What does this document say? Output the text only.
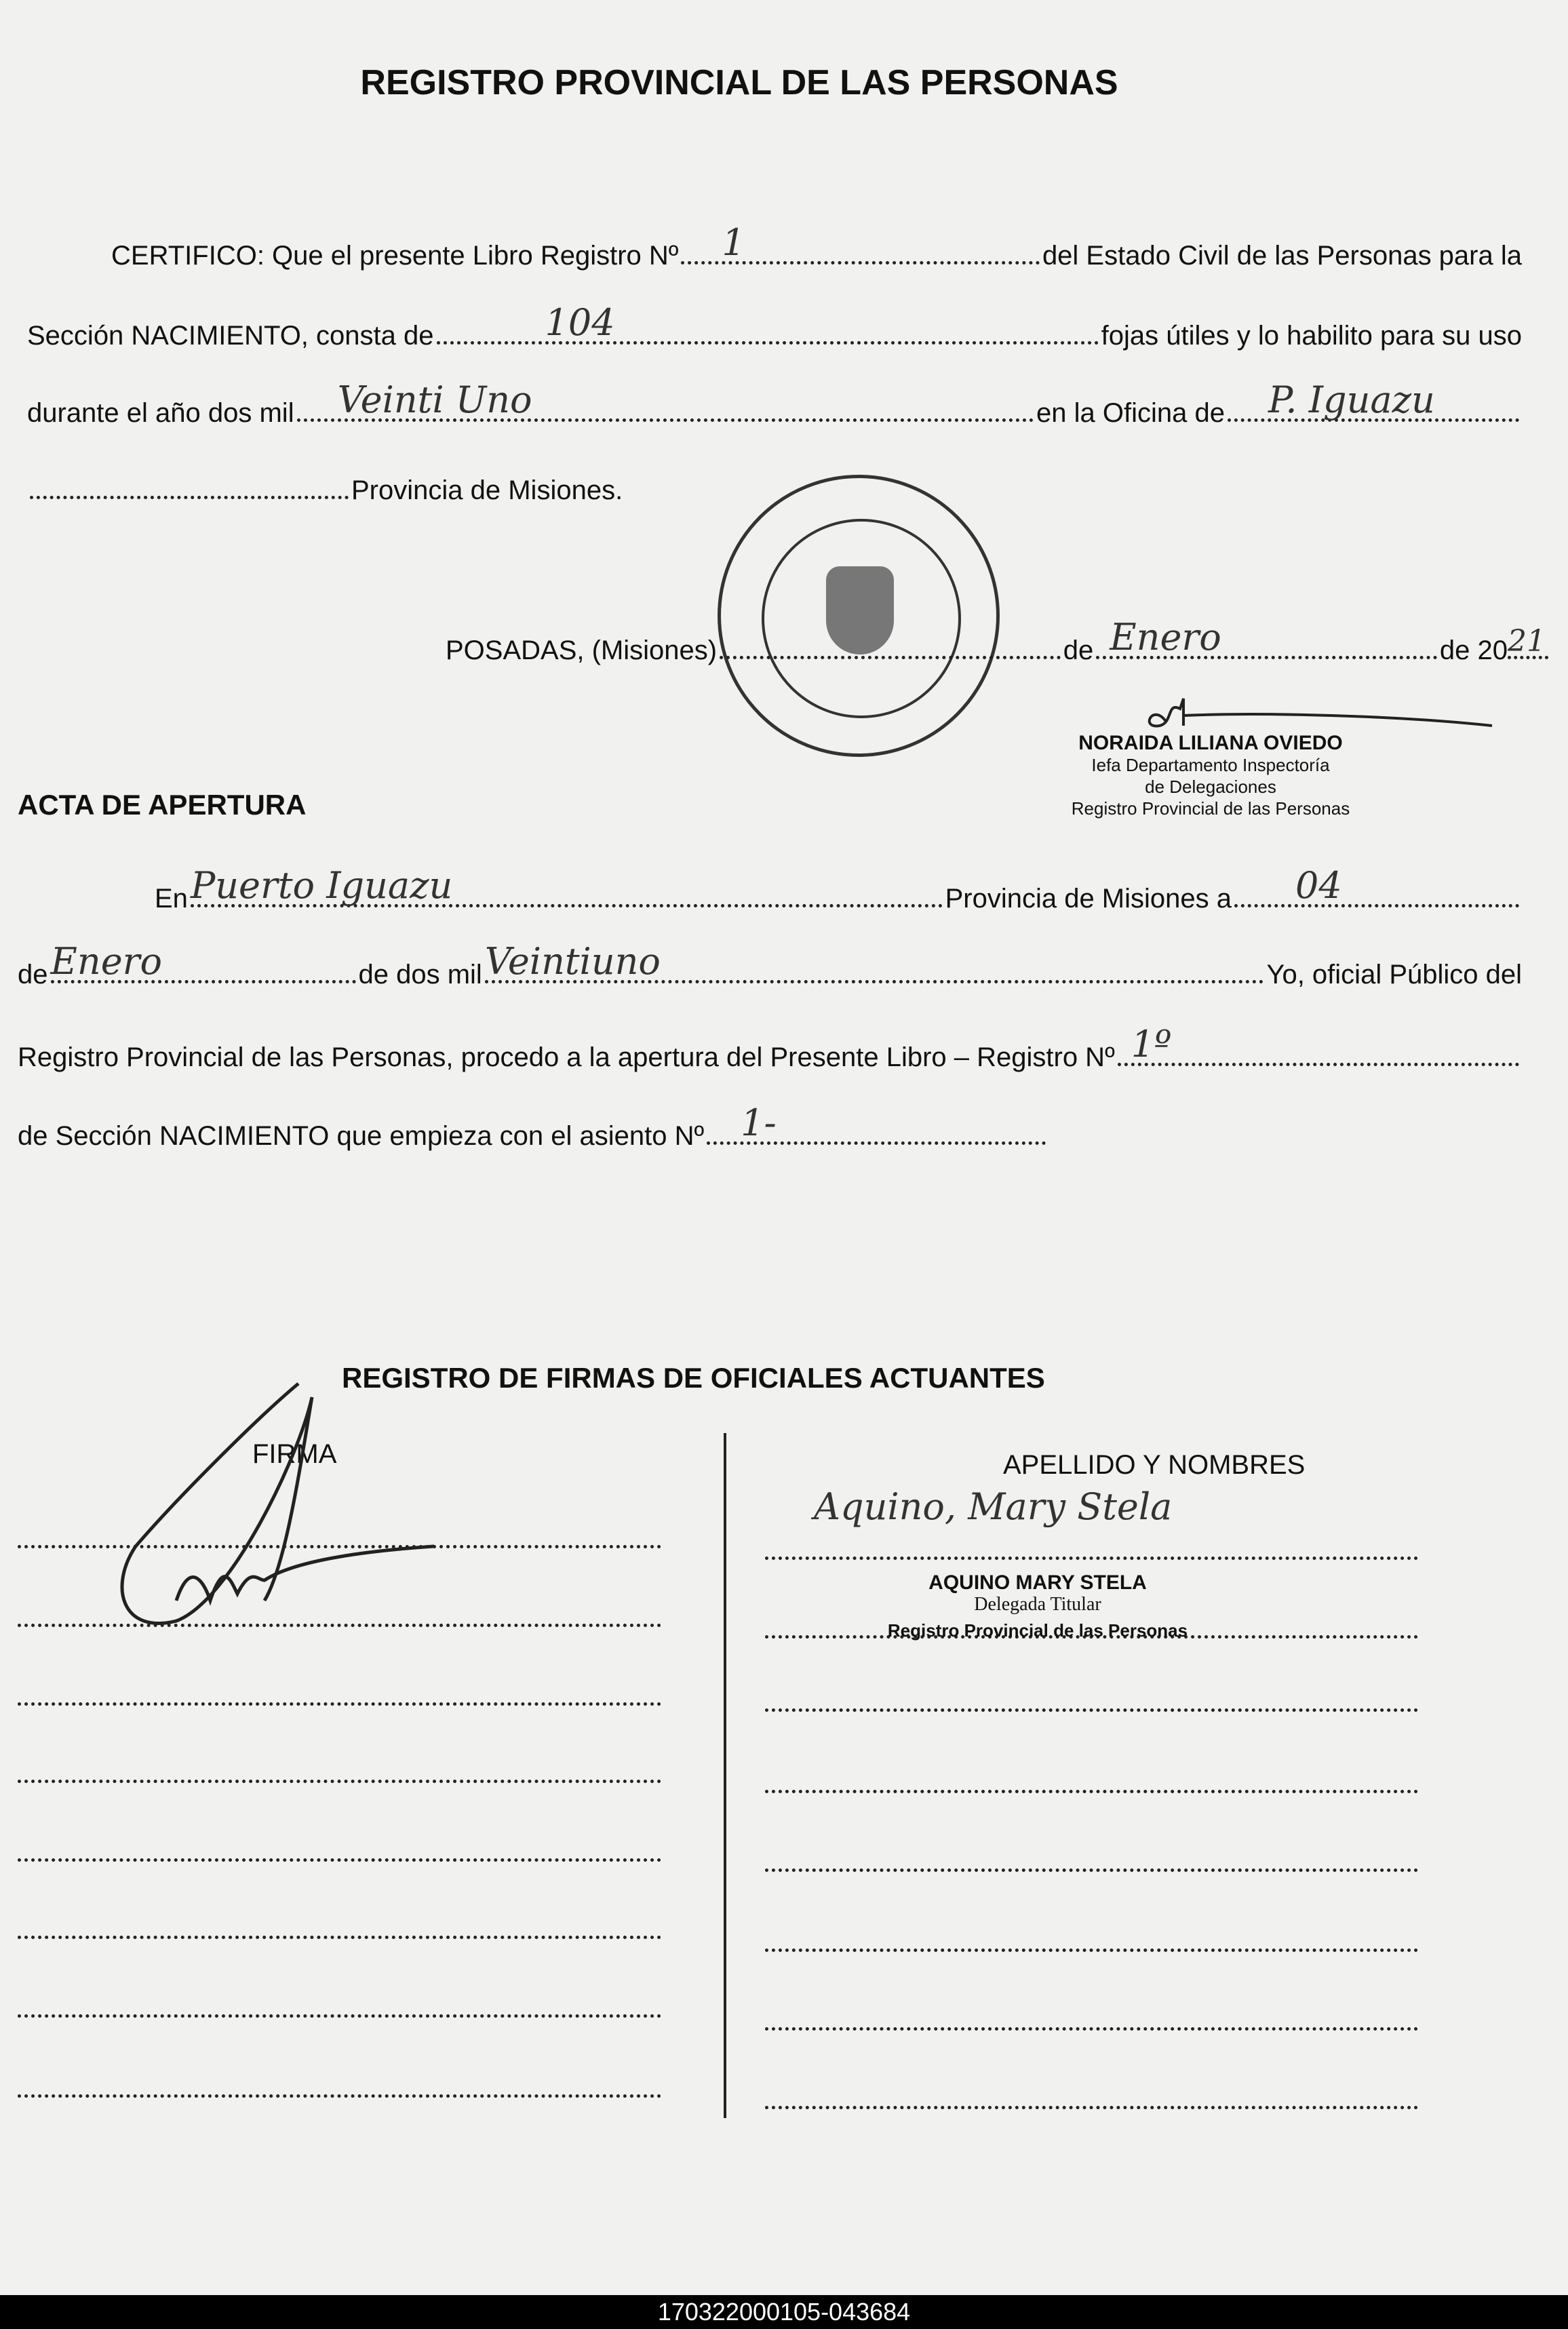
REGISTRO PROVINCIAL DE LAS PERSONAS
CERTIFICO: Que el presente Libro Registro Nº 1	del Estado Civil de las Personas para la
Sección NACIMIENTO, consta de	104	fojas útiles y lo habilito para su uso
durante el año dos mil Veinti Uno	en la Oficina de P. Iguazu
Provincia de Misiones.
POSADAS, (Misiones)	de Enero	de 20 21
NORAIDA LILIANA OVIEDO
Iefa Departamento Inspectoría
de Delegaciones
Registro Provincial de las Personas
ACTA DE APERTURA
En Puerto Iguazu	Provincia de Misiones a 04
de Enero	de dos mil Veintiuno	Yo, oficial Público del
Registro Provincial de las Personas, procedo a la apertura del Presente Libro – Registro Nº 1º
de Sección NACIMIENTO que empieza con el asiento Nº 1-
REGISTRO DE FIRMAS DE OFICIALES ACTUANTES
FIRMA	APELLIDO Y NOMBRES
Aquino, Mary Stela
AQUINO MARY STELA
Delegada Titular
Registro Provincial de las Personas
170322000105-043684
